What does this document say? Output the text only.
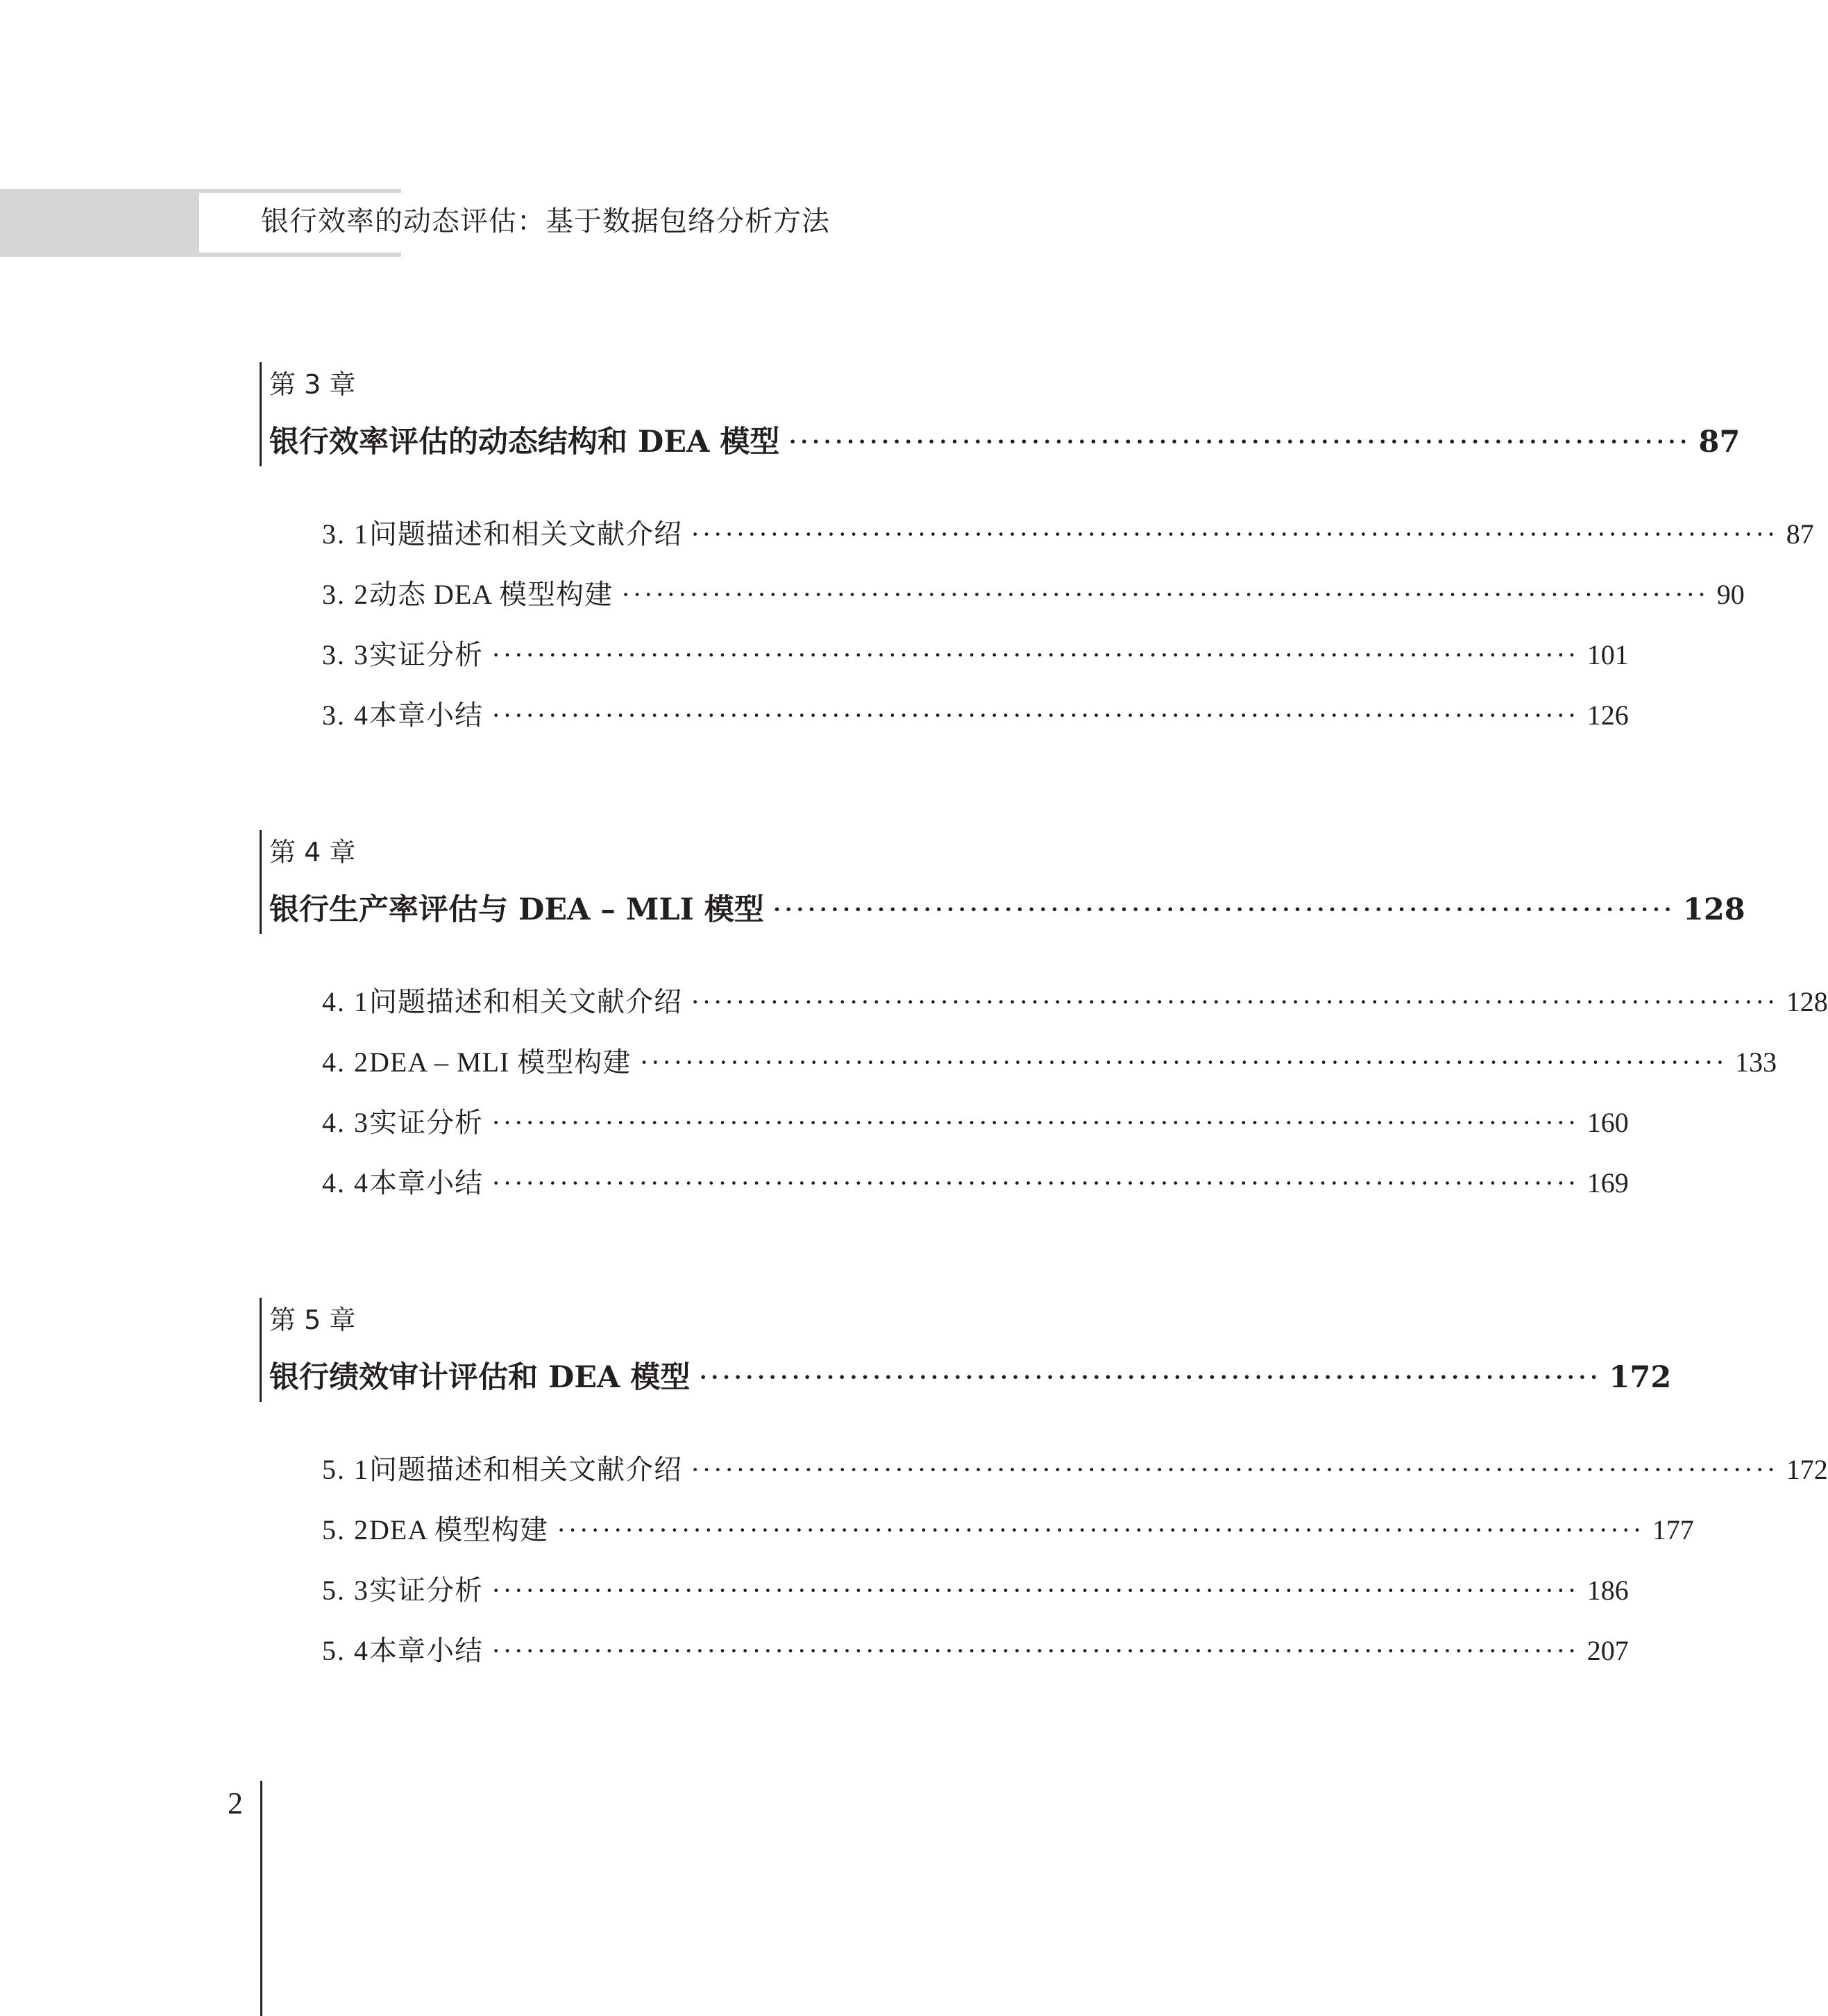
银行效率的动态评估：基于数据包络分析方法
第 3 章
银行效率评估的动态结构和 DEA 模型 ·············································································· 87
3. 1 问题描述和相关文献介绍 ································································································ 87
3. 2 动态 DEA 模型构建 ································································································ 90
3. 3 实证分析 ································································································ 101
3. 4 本章小结 ································································································ 126
第 4 章
银行生产率评估与 DEA – MLI 模型 ·············································································· 128
4. 1 问题描述和相关文献介绍 ································································································ 128
4. 2 DEA – MLI 模型构建 ································································································ 133
4. 3 实证分析 ································································································ 160
4. 4 本章小结 ································································································ 169
第 5 章
银行绩效审计评估和 DEA 模型 ·············································································· 172
5. 1 问题描述和相关文献介绍 ································································································ 172
5. 2 DEA 模型构建 ································································································ 177
5. 3 实证分析 ································································································ 186
5. 4 本章小结 ································································································ 207
2
